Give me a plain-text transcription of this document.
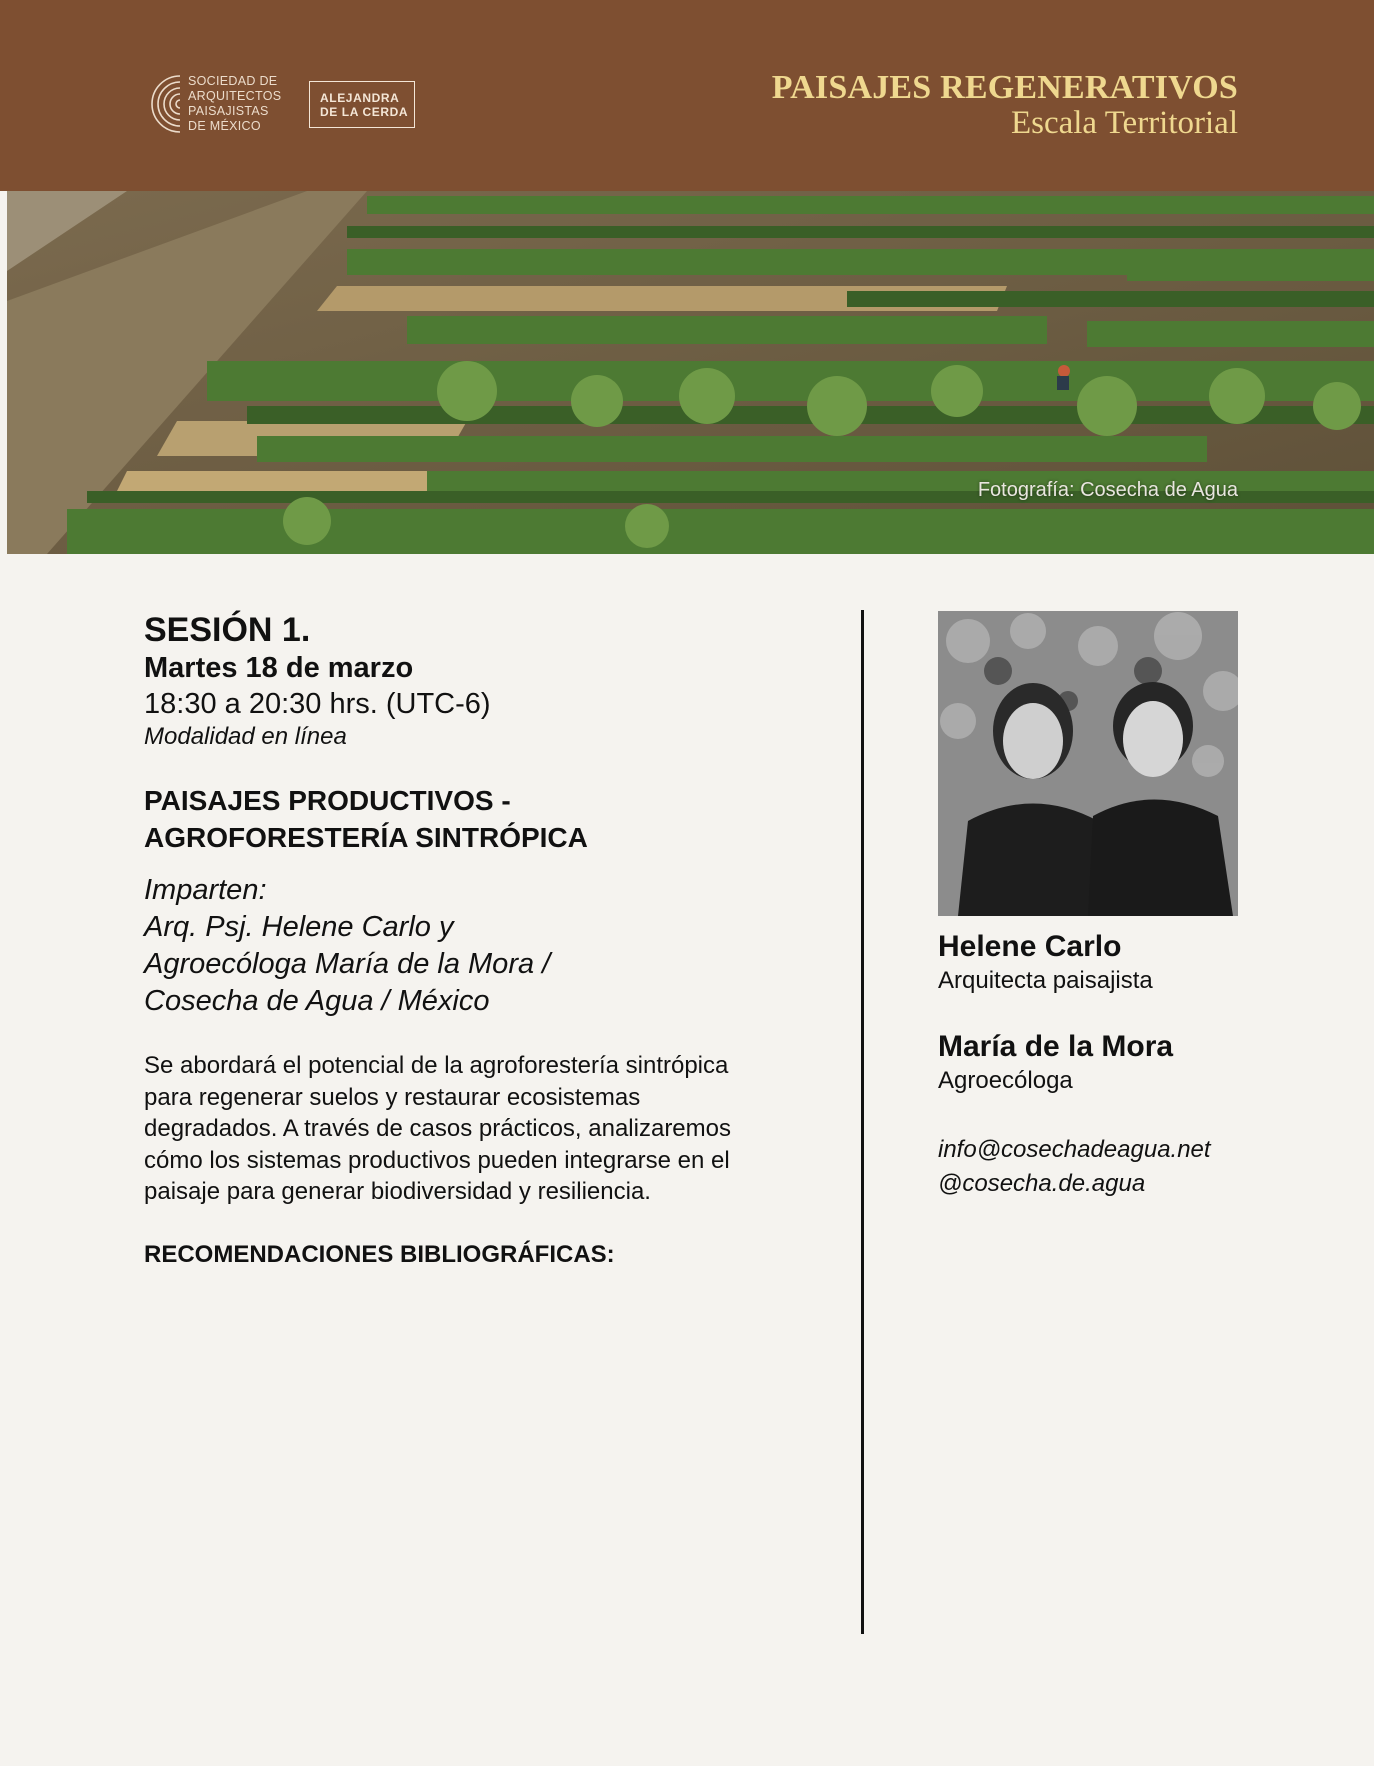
SOCIEDAD DE
ARQUITECTOS
PAISAJISTAS
DE MÉXICO
ALEJANDRA
DE LA CERDA
PAISAJES REGENERATIVOS
Escala Territorial
Fotografía: Cosecha de Agua
SESIÓN 1.
Martes 18 de marzo
18:30 a 20:30 hrs. (UTC-6)
Modalidad en línea
PAISAJES PRODUCTIVOS -
AGROFORESTERÍA SINTRÓPICA
Imparten:
Arq. Psj. Helene Carlo y
Agroecóloga María de la Mora /
Cosecha de Agua / México
Se abordará el potencial de la agroforestería sintrópica
para regenerar suelos y restaurar ecosistemas
degradados. A través de casos prácticos, analizaremos
cómo los sistemas productivos pueden integrarse en el
paisaje para generar biodiversidad y resiliencia.
RECOMENDACIONES BIBLIOGRÁFICAS:
Helene Carlo
Arquitecta paisajista
María de la Mora
Agroecóloga
info@cosechadeagua.net
@cosecha.de.agua
